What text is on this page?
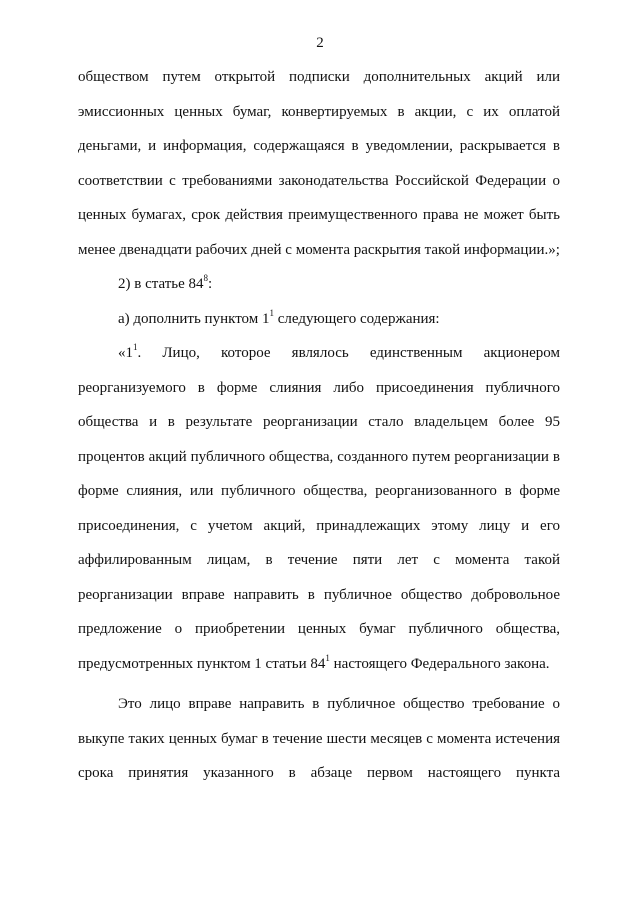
2

обществом путем открытой подписки дополнительных акций или

эмиссионных ценных бумаг, конвертируемых в акции, с их оплатой

деньгами, и информация, содержащаяся в уведомлении, раскрывается в

соответствии с требованиями законодательства Российской Федерации о

ценных бумагах, срок действия преимущественного права не может быть

менее двенадцати рабочих дней с момента раскрытия такой информации.»;

2) в статье $84^8$:

а) дополнить пунктом $1^1$ следующего содержания:

«$1^1$. Лицо, которое являлось единственным акционером

реорганизуемого в форме слияния либо присоединения публичного

общества и в результате реорганизации стало владельцем более 95

процентов акций публичного общества, созданного путем реорганизации в

форме слияния, или публичного общества, реорганизованного в форме

присоединения, с учетом акций, принадлежащих этому лицу и его

аффилированным лицам, в течение пяти лет с момента такой

реорганизации вправе направить в публичное общество добровольное

предложение о приобретении ценных бумаг публичного общества,

предусмотренных пунктом 1 статьи $84^1$ настоящего Федерального закона.

Это лицо вправе направить в публичное общество требование о

выкупе таких ценных бумаг в течение шести месяцев с момента истечения

срока принятия указанного в абзаце первом настоящего пункта
